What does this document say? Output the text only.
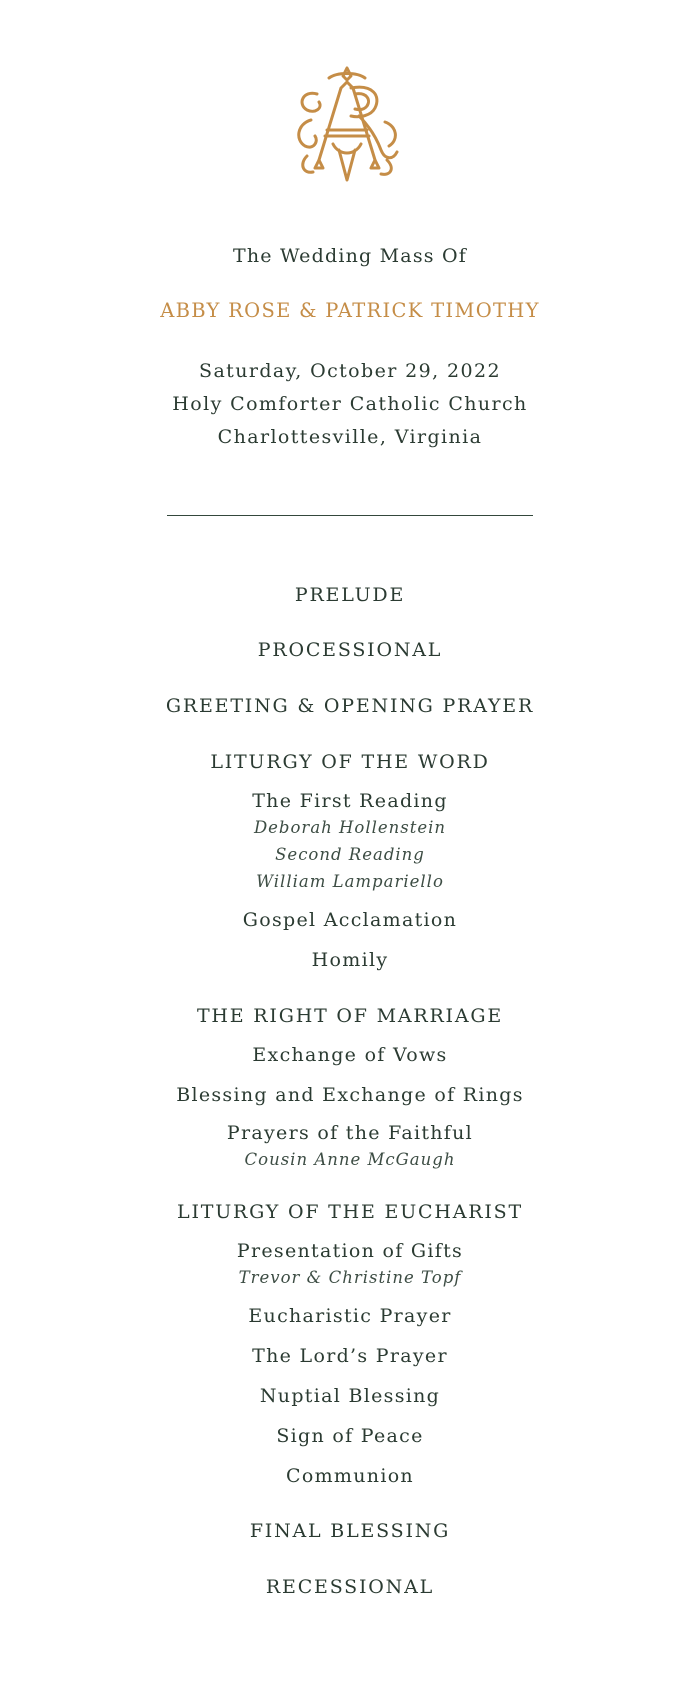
The Wedding Mass Of
ABBY ROSE & PATRICK TIMOTHY
Saturday, October 29, 2022
Holy Comforter Catholic Church
Charlottesville, Virginia
PRELUDE
PROCESSIONAL
GREETING & OPENING PRAYER
LITURGY OF THE WORD
The First Reading
Deborah Hollenstein
Second Reading
William Lampariello
Gospel Acclamation
Homily
THE RIGHT OF MARRIAGE
Exchange of Vows
Blessing and Exchange of Rings
Prayers of the Faithful
Cousin Anne McGaugh
LITURGY OF THE EUCHARIST
Presentation of Gifts
Trevor & Christine Topf
Eucharistic Prayer
The Lord’s Prayer
Nuptial Blessing
Sign of Peace
Communion
FINAL BLESSING
RECESSIONAL
